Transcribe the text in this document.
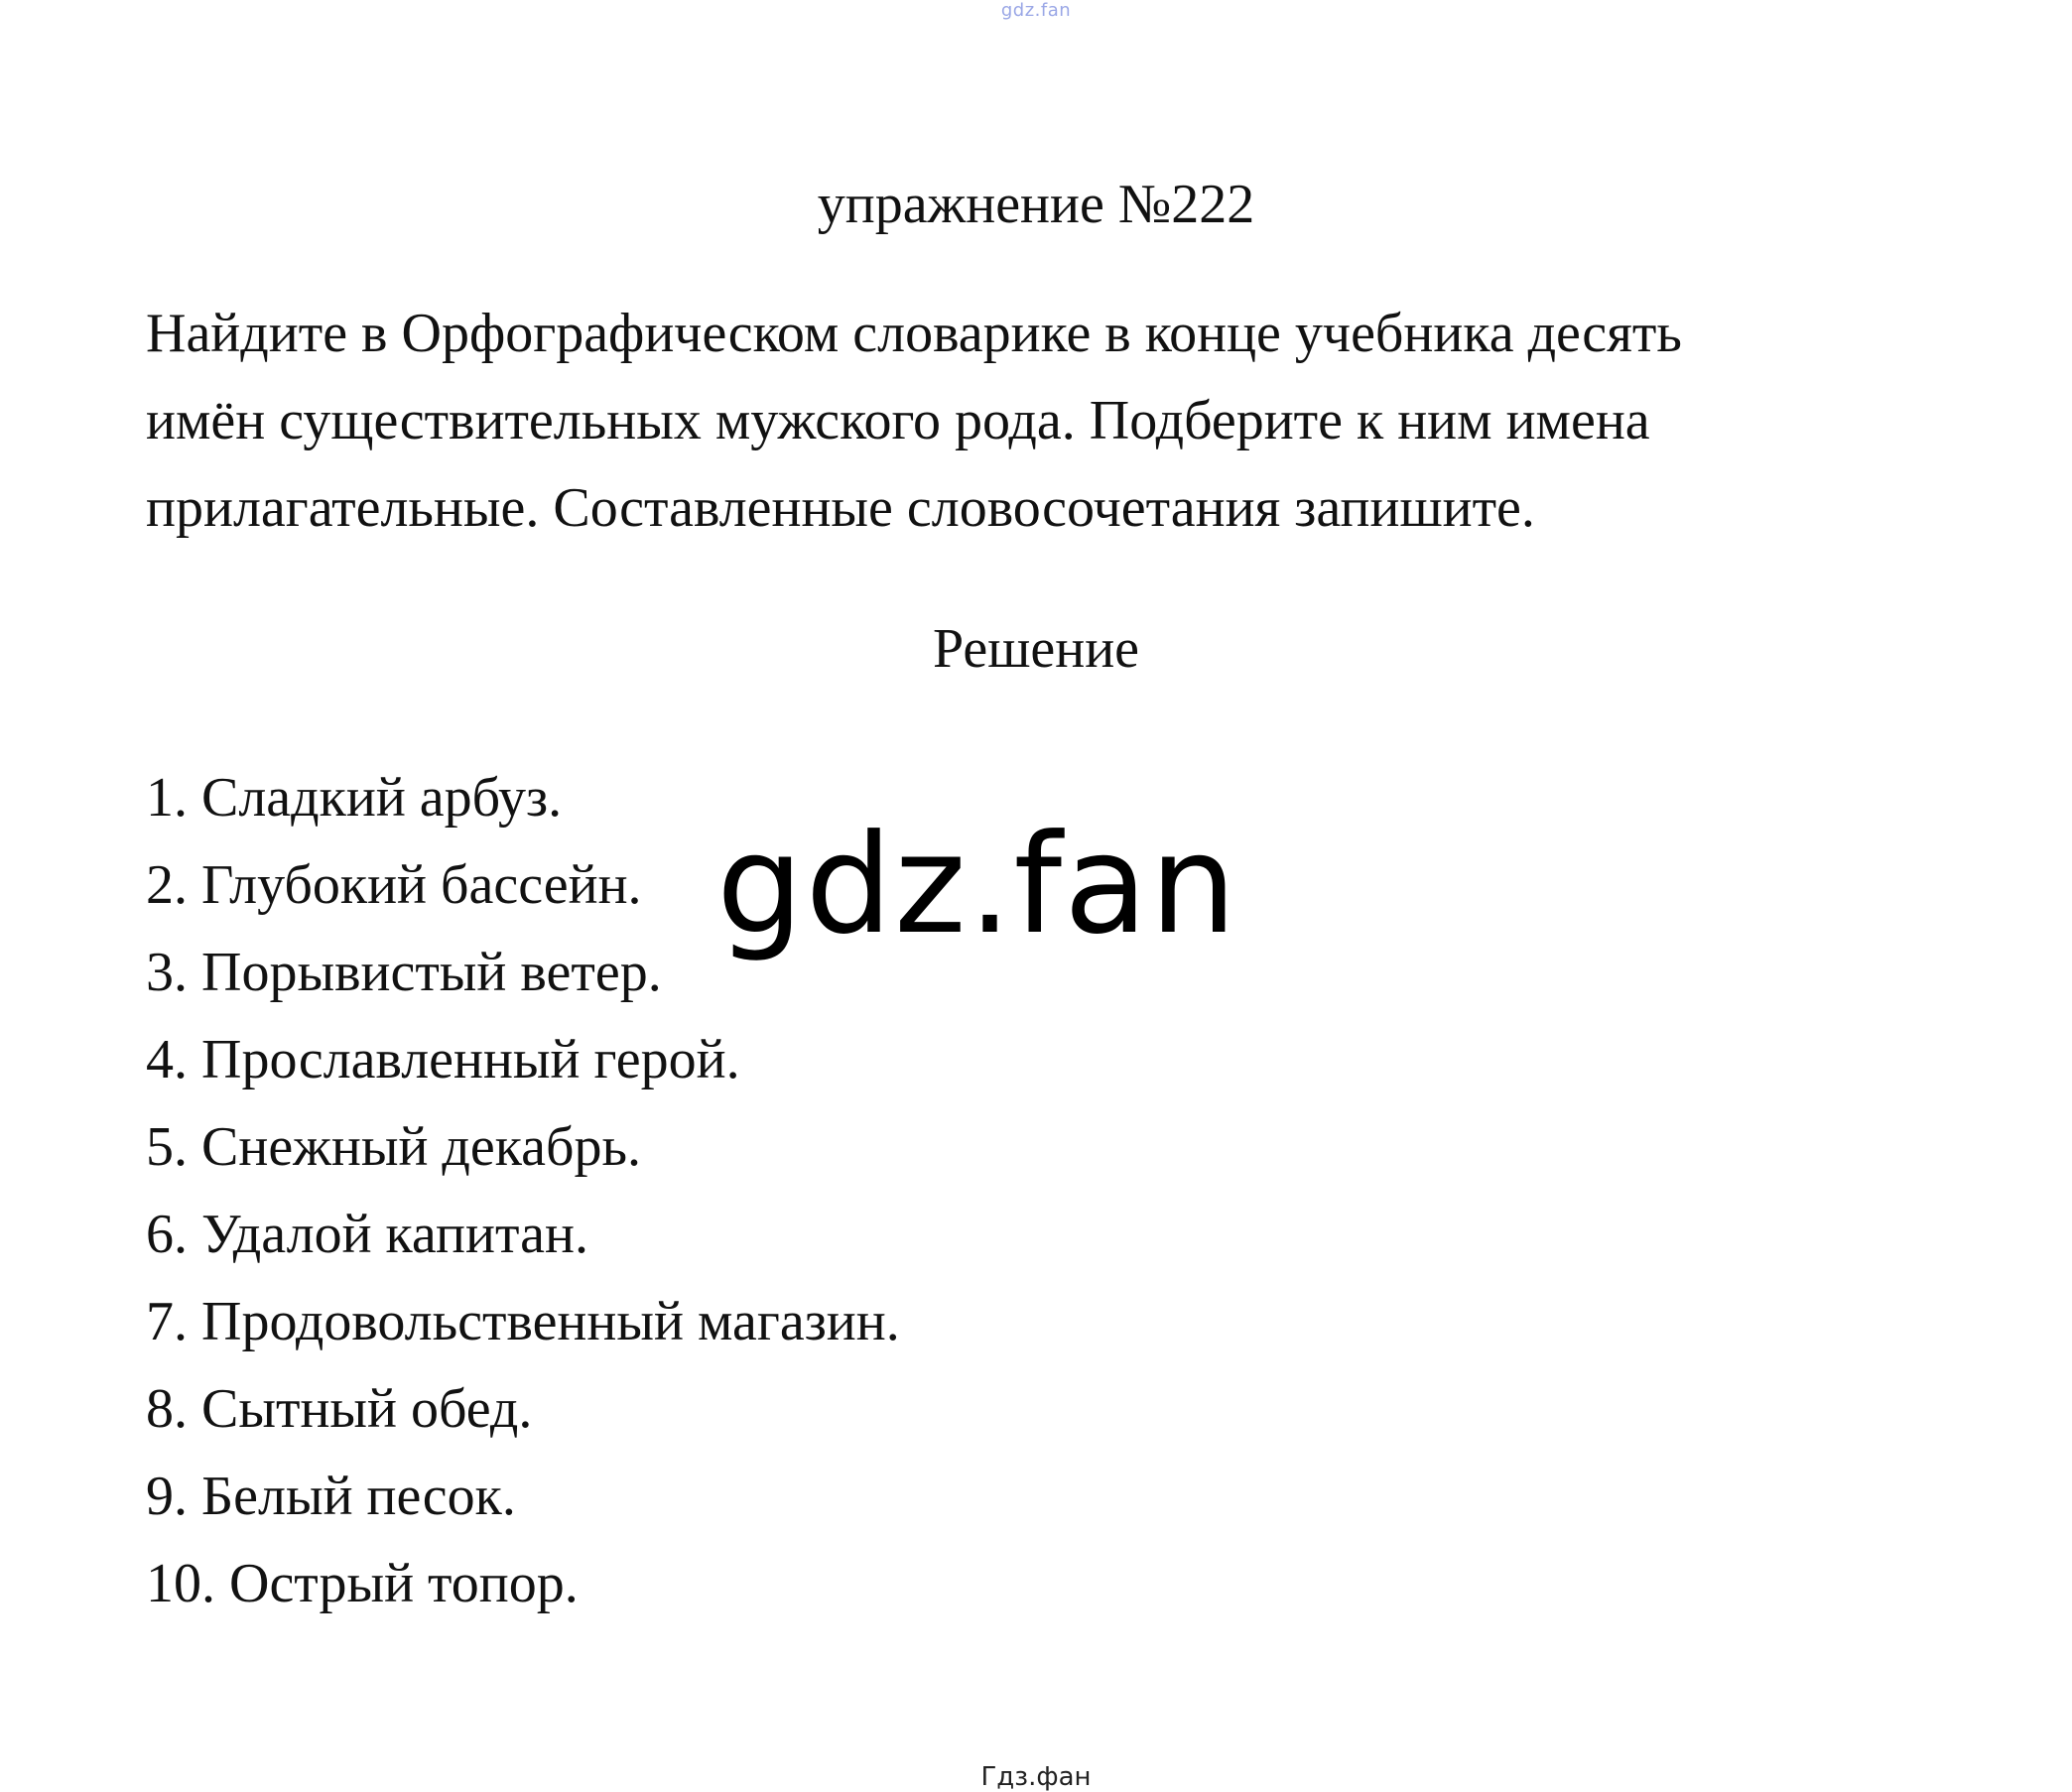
gdz.fan
упражнение №222
Найдите в Орфографическом словарике в конце учебника десять
имён существительных мужского рода. Подберите к ним имена
прилагательные. Составленные словосочетания запишите.
Решение
1. Сладкий арбуз.
2. Глубокий бассейн.
3. Порывистый ветер.
4. Прославленный герой.
5. Снежный декабрь.
6. Удалой капитан.
7. Продовольственный магазин.
8. Сытный обед.
9. Белый песок.
10. Острый топор.
gdz.fan
Гдз.фан
